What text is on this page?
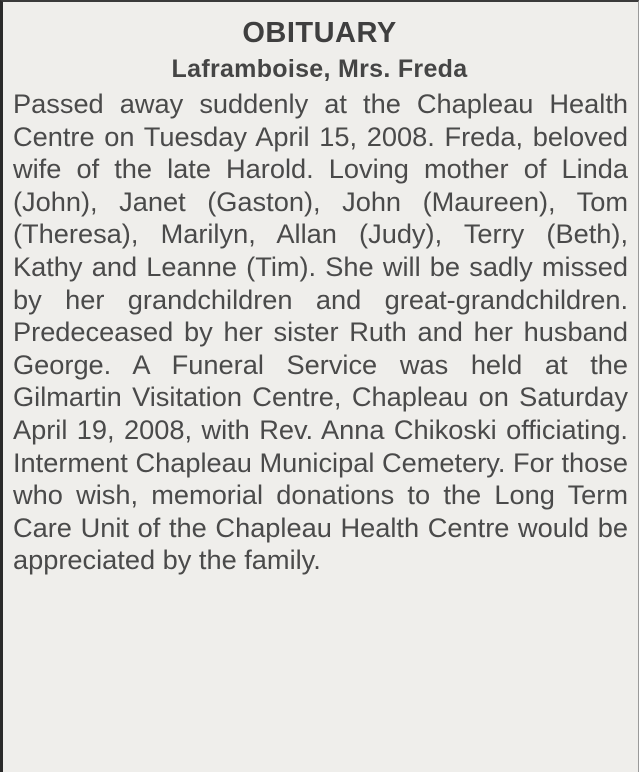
OBITUARY
Laframboise, Mrs. Freda

Passed away suddenly at the Chapleau Health Centre on Tuesday April 15, 2008. Freda, beloved wife of the late Harold. Loving mother of Linda (John), Janet (Gaston), John (Maureen), Tom (Theresa), Marilyn, Allan (Judy), Terry (Beth), Kathy and Leanne (Tim). She will be sadly missed by her grandchildren and great-grandchildren. Predeceased by her sister Ruth and her husband George. A Funeral Service was held at the Gilmartin Visitation Centre, Chapleau on Saturday April 19, 2008, with Rev. Anna Chikoski officiating. Interment Chapleau Municipal Cemetery. For those who wish, memorial donations to the Long Term Care Unit of the Chapleau Health Centre would be appreciated by the family.
